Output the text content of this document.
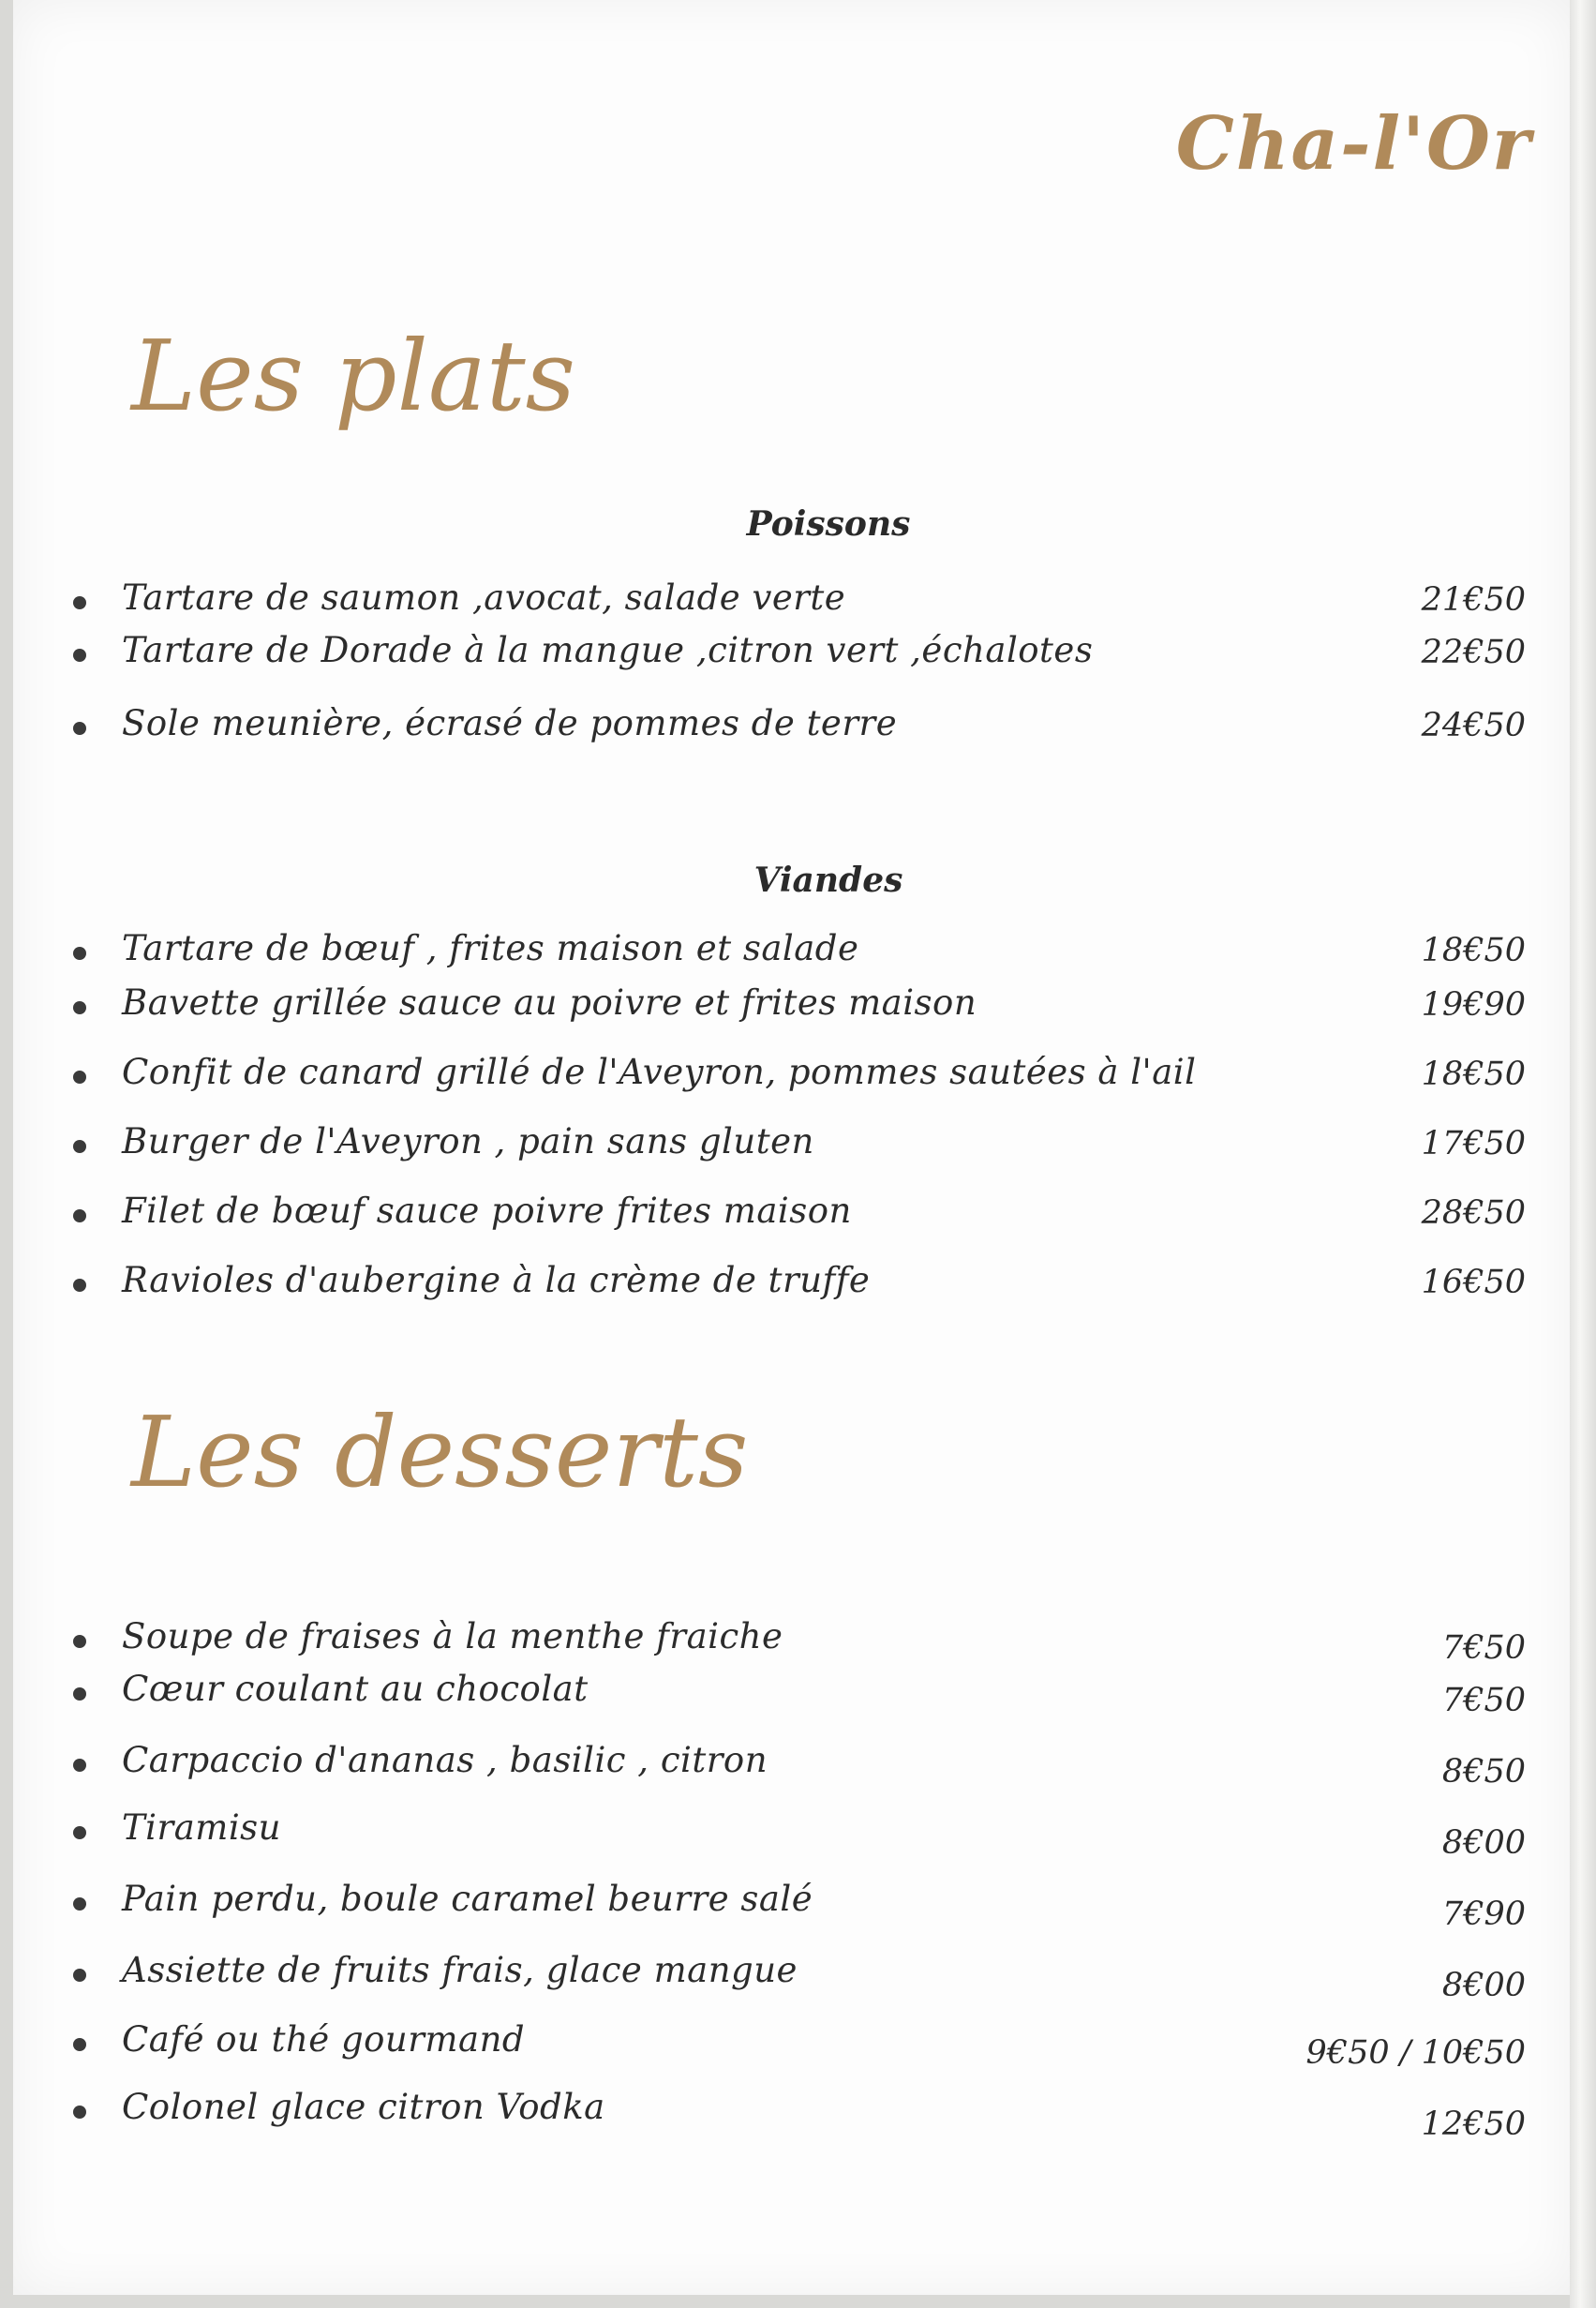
Cha-l'Or
Les plats
Poissons
Tartare de saumon ,avocat, salade verte	21€50
Tartare de Dorade à la mangue ,citron vert ,échalotes	22€50
Sole meunière, écrasé de pommes de terre	24€50
Viandes
Tartare de bœuf , frites maison et salade	18€50
Bavette grillée sauce au poivre et frites maison	19€90
Confit de canard grillé de l'Aveyron, pommes sautées à l'ail	18€50
Burger de l'Aveyron , pain sans gluten	17€50
Filet de bœuf sauce poivre frites maison	28€50
Ravioles d'aubergine à la crème de truffe	16€50
Les desserts
Soupe de fraises à la menthe fraiche	7€50
Cœur coulant au chocolat	7€50
Carpaccio d'ananas , basilic , citron	8€50
Tiramisu	8€00
Pain perdu, boule caramel beurre salé	7€90
Assiette de fruits frais, glace mangue	8€00
Café ou thé gourmand	9€50 / 10€50
Colonel glace citron Vodka	12€50
